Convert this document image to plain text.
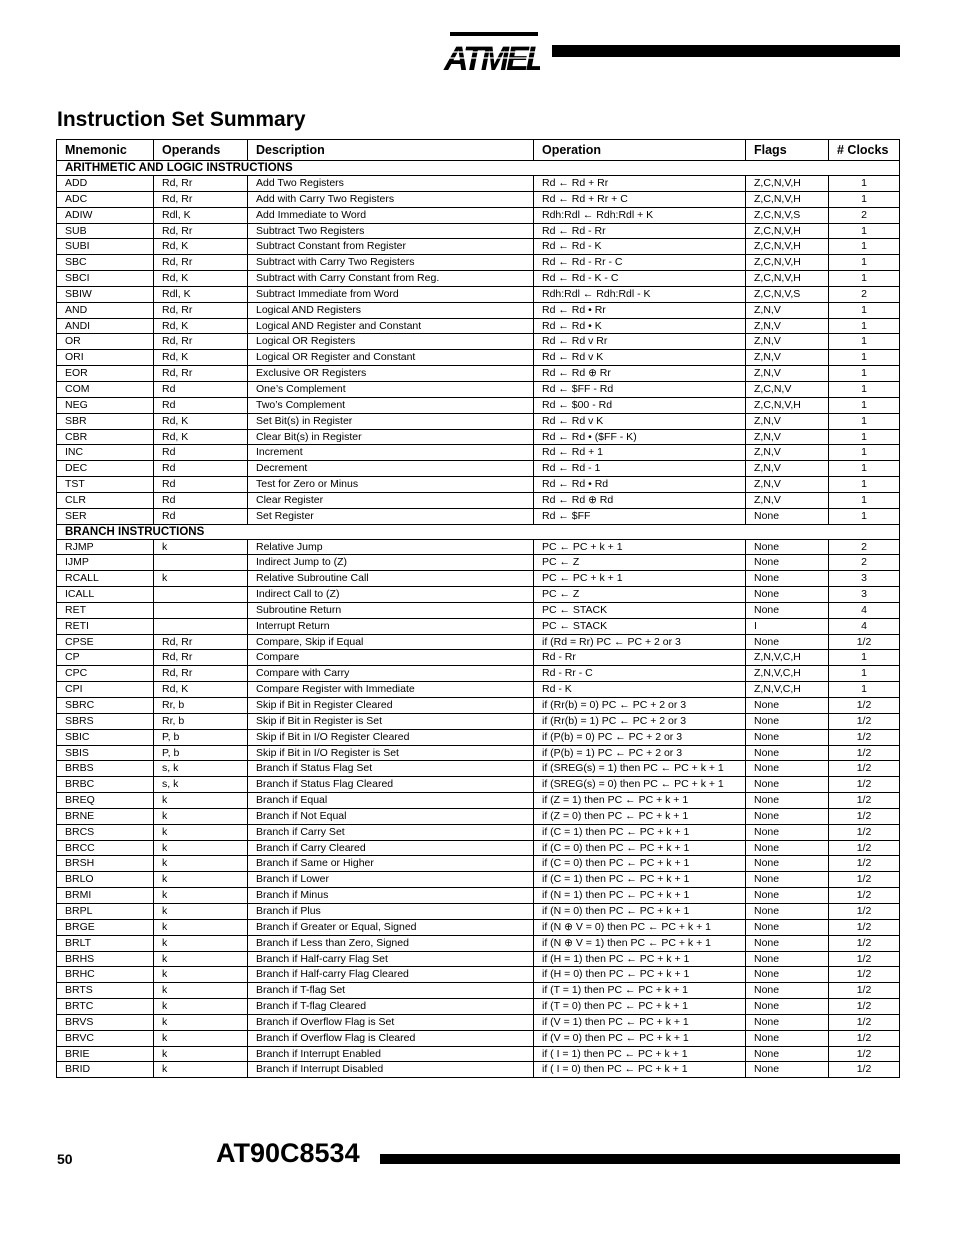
ATMEL
Instruction Set Summary
Mnemonic	Operands	Description	Operation	Flags	# Clocks
ARITHMETIC AND LOGIC INSTRUCTIONS					
ADD	Rd, Rr	Add Two Registers	Rd ← Rd + Rr	Z,C,N,V,H	1
ADC	Rd, Rr	Add with Carry Two Registers	Rd ← Rd + Rr + C	Z,C,N,V,H	1
ADIW	Rdl, K	Add Immediate to Word	Rdh:Rdl ← Rdh:Rdl + K	Z,C,N,V,S	2
SUB	Rd, Rr	Subtract Two Registers	Rd ← Rd - Rr	Z,C,N,V,H	1
SUBI	Rd, K	Subtract Constant from Register	Rd ← Rd - K	Z,C,N,V,H	1
SBC	Rd, Rr	Subtract with Carry Two Registers	Rd ← Rd - Rr - C	Z,C,N,V,H	1
SBCI	Rd, K	Subtract with Carry Constant from Reg.	Rd ← Rd - K - C	Z,C,N,V,H	1
SBIW	Rdl, K	Subtract Immediate from Word	Rdh:Rdl ← Rdh:Rdl - K	Z,C,N,V,S	2
AND	Rd, Rr	Logical AND Registers	Rd ← Rd • Rr	Z,N,V	1
ANDI	Rd, K	Logical AND Register and Constant	Rd ← Rd • K	Z,N,V	1
OR	Rd, Rr	Logical OR Registers	Rd ← Rd v Rr	Z,N,V	1
ORI	Rd, K	Logical OR Register and Constant	Rd ← Rd v K	Z,N,V	1
EOR	Rd, Rr	Exclusive OR Registers	Rd ← Rd ⊕ Rr	Z,N,V	1
COM	Rd	One’s Complement	Rd ← $FF - Rd	Z,C,N,V	1
NEG	Rd	Two’s Complement	Rd ← $00 - Rd	Z,C,N,V,H	1
SBR	Rd, K	Set Bit(s) in Register	Rd ← Rd v K	Z,N,V	1
CBR	Rd, K	Clear Bit(s) in Register	Rd ← Rd • ($FF - K)	Z,N,V	1
INC	Rd	Increment	Rd ← Rd + 1	Z,N,V	1
DEC	Rd	Decrement	Rd ← Rd - 1	Z,N,V	1
TST	Rd	Test for Zero or Minus	Rd ← Rd • Rd	Z,N,V	1
CLR	Rd	Clear Register	Rd ← Rd ⊕ Rd	Z,N,V	1
SER	Rd	Set Register	Rd ← $FF	None	1
BRANCH INSTRUCTIONS					
RJMP	k	Relative Jump	PC ← PC + k + 1	None	2
IJMP		Indirect Jump to (Z)	PC ← Z	None	2
RCALL	k	Relative Subroutine Call	PC ← PC + k + 1	None	3
ICALL		Indirect Call to (Z)	PC ← Z	None	3
RET		Subroutine Return	PC ← STACK	None	4
RETI		Interrupt Return	PC ← STACK	I	4
CPSE	Rd, Rr	Compare, Skip if Equal	if (Rd = Rr) PC ← PC + 2 or 3	None	1/2
CP	Rd, Rr	Compare	Rd - Rr	Z,N,V,C,H	1
CPC	Rd, Rr	Compare with Carry	Rd - Rr - C	Z,N,V,C,H	1
CPI	Rd, K	Compare Register with Immediate	Rd - K	Z,N,V,C,H	1
SBRC	Rr, b	Skip if Bit in Register Cleared	if (Rr(b) = 0) PC ← PC + 2 or 3	None	1/2
SBRS	Rr, b	Skip if Bit in Register is Set	if (Rr(b) = 1) PC ← PC + 2 or 3	None	1/2
SBIC	P, b	Skip if Bit in I/O Register Cleared	if (P(b) = 0) PC ← PC + 2 or 3	None	1/2
SBIS	P, b	Skip if Bit in I/O Register is Set	if (P(b) = 1) PC ← PC + 2 or 3	None	1/2
BRBS	s, k	Branch if Status Flag Set	if (SREG(s) = 1) then PC ← PC + k + 1	None	1/2
BRBC	s, k	Branch if Status Flag Cleared	if (SREG(s) = 0) then PC ← PC + k + 1	None	1/2
BREQ	k	Branch if Equal	if (Z = 1) then PC ← PC + k + 1	None	1/2
BRNE	k	Branch if Not Equal	if (Z = 0) then PC ← PC + k + 1	None	1/2
BRCS	k	Branch if Carry Set	if (C = 1) then PC ← PC + k + 1	None	1/2
BRCC	k	Branch if Carry Cleared	if (C = 0) then PC ← PC + k + 1	None	1/2
BRSH	k	Branch if Same or Higher	if (C = 0) then PC ← PC + k + 1	None	1/2
BRLO	k	Branch if Lower	if (C = 1) then PC ← PC + k + 1	None	1/2
BRMI	k	Branch if Minus	if (N = 1) then PC ← PC + k + 1	None	1/2
BRPL	k	Branch if Plus	if (N = 0) then PC ← PC + k + 1	None	1/2
BRGE	k	Branch if Greater or Equal, Signed	if (N ⊕ V = 0) then PC ← PC + k + 1	None	1/2
BRLT	k	Branch if Less than Zero, Signed	if (N ⊕ V = 1) then PC ← PC + k + 1	None	1/2
BRHS	k	Branch if Half-carry Flag Set	if (H = 1) then PC ← PC + k + 1	None	1/2
BRHC	k	Branch if Half-carry Flag Cleared	if (H = 0) then PC ← PC + k + 1	None	1/2
BRTS	k	Branch if T-flag Set	if (T = 1) then PC ← PC + k + 1	None	1/2
BRTC	k	Branch if T-flag Cleared	if (T = 0) then PC ← PC + k + 1	None	1/2
BRVS	k	Branch if Overflow Flag is Set	if (V = 1) then PC ← PC + k + 1	None	1/2
BRVC	k	Branch if Overflow Flag is Cleared	if (V = 0) then PC ← PC + k + 1	None	1/2
BRIE	k	Branch if Interrupt Enabled	if ( I = 1) then PC ← PC + k + 1	None	1/2
BRID	k	Branch if Interrupt Disabled	if ( I = 0) then PC ← PC + k + 1	None	1/2
50	AT90C8534
